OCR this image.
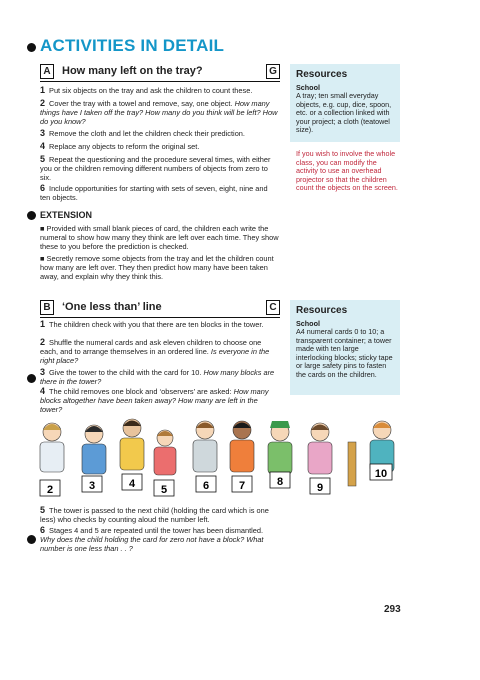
ACTIVITIES IN DETAIL
A	How many left on the tray?	G
1 Put six objects on the tray and ask the children to count these.
2 Cover the tray with a towel and remove, say, one object. How many things have I taken off the tray? How many do you think will be left? How do you know?
3 Remove the cloth and let the children check their prediction.
4 Replace any objects to reform the original set.
5 Repeat the questioning and the procedure several times, with either you or the children removing different numbers of objects from zero to six.
6 Include opportunities for starting with sets of seven, eight, nine and ten objects.
Resources
School
A tray; ten small everyday objects, e.g. cup, dice, spoon, etc. or a collection linked with your project; a cloth (teatowel size).
If you wish to involve the whole class, you can modify the activity to use an overhead projector so that the children count the objects on the screen.
EXTENSION
■ Provided with small blank pieces of card, the children each write the numeral to show how many they think are left over each time. They show these to you before the prediction is checked.
■ Secretly remove some objects from the tray and let the children count how many are left over. They then predict how many have been taken away, and explain why they think this.
B	‘One less than’ line	C
1 The children check with you that there are ten blocks in the tower.
2 Shuffle the numeral cards and ask eleven children to choose one each, and to arrange themselves in an ordered line. Is everyone in the right place?
3 Give the tower to the child with the card for 10. How many blocks are there in the tower?
4 The child removes one block and ‘observers’ are asked: How many blocks altogether have been taken away? How many are left in the tower?
Resources
School
A4 numeral cards 0 to 10; a transparent container; a tower made with ten large interlocking blocks; sticky tape or large safety pins to fasten the cards on the children.
2	3	4 5	6	7	8	9
10
5 The tower is passed to the next child (holding the card which is one less) who checks by counting aloud the number left.
6 Stages 4 and 5 are repeated until the tower has been dismantled. Why does the child holding the card for zero not have a block? What number is one less than . . ?
293
